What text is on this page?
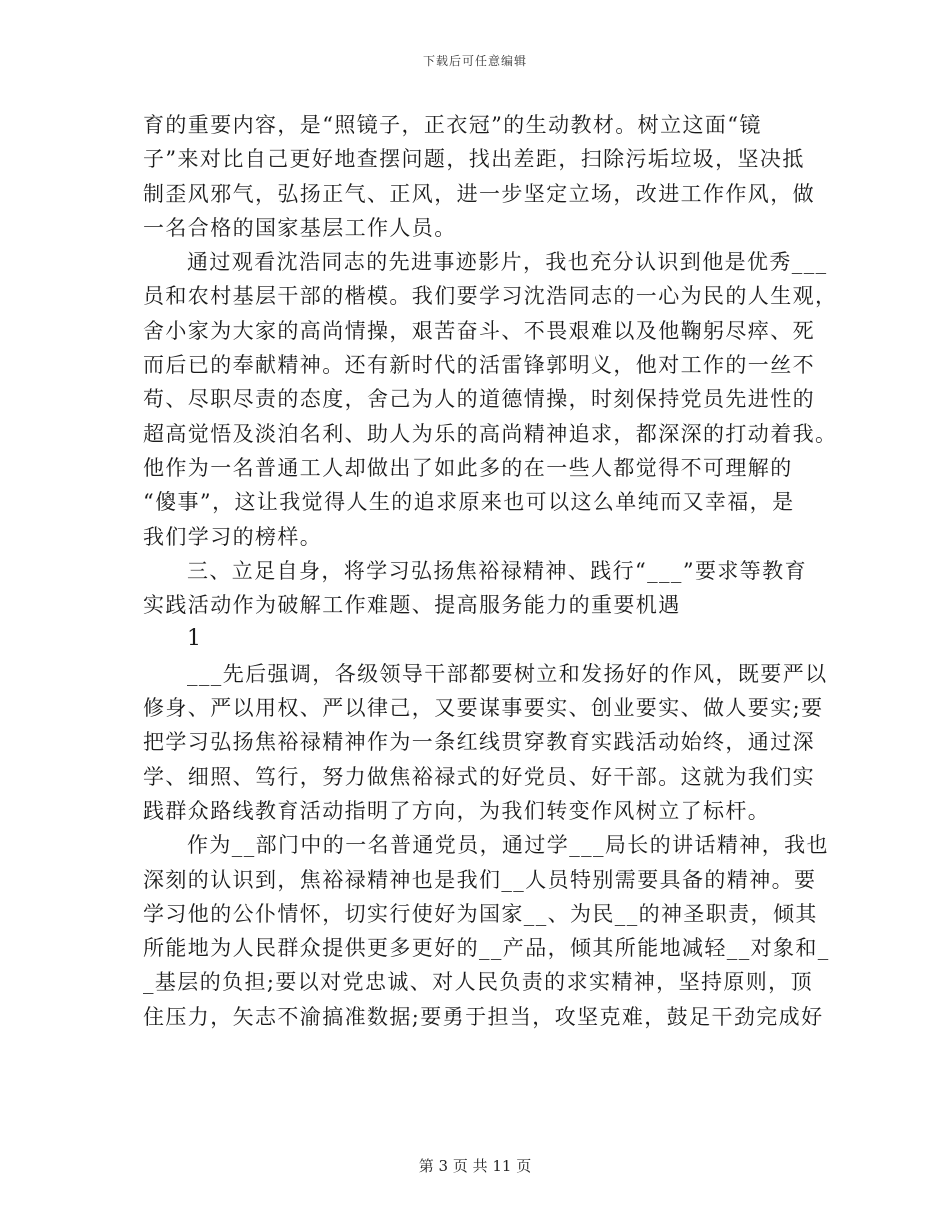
下载后可任意编辑
育的重要内容，是“照镜子，正衣冠”的生动教材。树立这面“镜
子”来对比自己更好地查摆问题，找出差距，扫除污垢垃圾，坚决抵
制歪风邪气，弘扬正气、正风，进一步坚定立场，改进工作作风，做
一名合格的国家基层工作人员。
通过观看沈浩同志的先进事迹影片，我也充分认识到他是优秀___
员和农村基层干部的楷模。我们要学习沈浩同志的一心为民的人生观，
舍小家为大家的高尚情操，艰苦奋斗、不畏艰难以及他鞠躬尽瘁、死
而后已的奉献精神。还有新时代的活雷锋郭明义，他对工作的一丝不
苟、尽职尽责的态度，舍己为人的道德情操，时刻保持党员先进性的
超高觉悟及淡泊名利、助人为乐的高尚精神追求，都深深的打动着我。
他作为一名普通工人却做出了如此多的在一些人都觉得不可理解的
“傻事”，这让我觉得人生的追求原来也可以这么单纯而又幸福，是
我们学习的榜样。
三、立足自身，将学习弘扬焦裕禄精神、践行“___”要求等教育
实践活动作为破解工作难题、提高服务能力的重要机遇
1
___先后强调，各级领导干部都要树立和发扬好的作风，既要严以
修身、严以用权、严以律己，又要谋事要实、创业要实、做人要实;要
把学习弘扬焦裕禄精神作为一条红线贯穿教育实践活动始终，通过深
学、细照、笃行，努力做焦裕禄式的好党员、好干部。这就为我们实
践群众路线教育活动指明了方向，为我们转变作风树立了标杆。
作为__部门中的一名普通党员，通过学___局长的讲话精神，我也
深刻的认识到，焦裕禄精神也是我们__人员特别需要具备的精神。要
学习他的公仆情怀，切实行使好为国家__、为民__的神圣职责，倾其
所能地为人民群众提供更多更好的__产品，倾其所能地减轻__对象和_
_基层的负担;要以对党忠诚、对人民负责的求实精神，坚持原则，顶
住压力，矢志不渝搞准数据;要勇于担当，攻坚克难，鼓足干劲完成好
第 3 页 共 11 页
